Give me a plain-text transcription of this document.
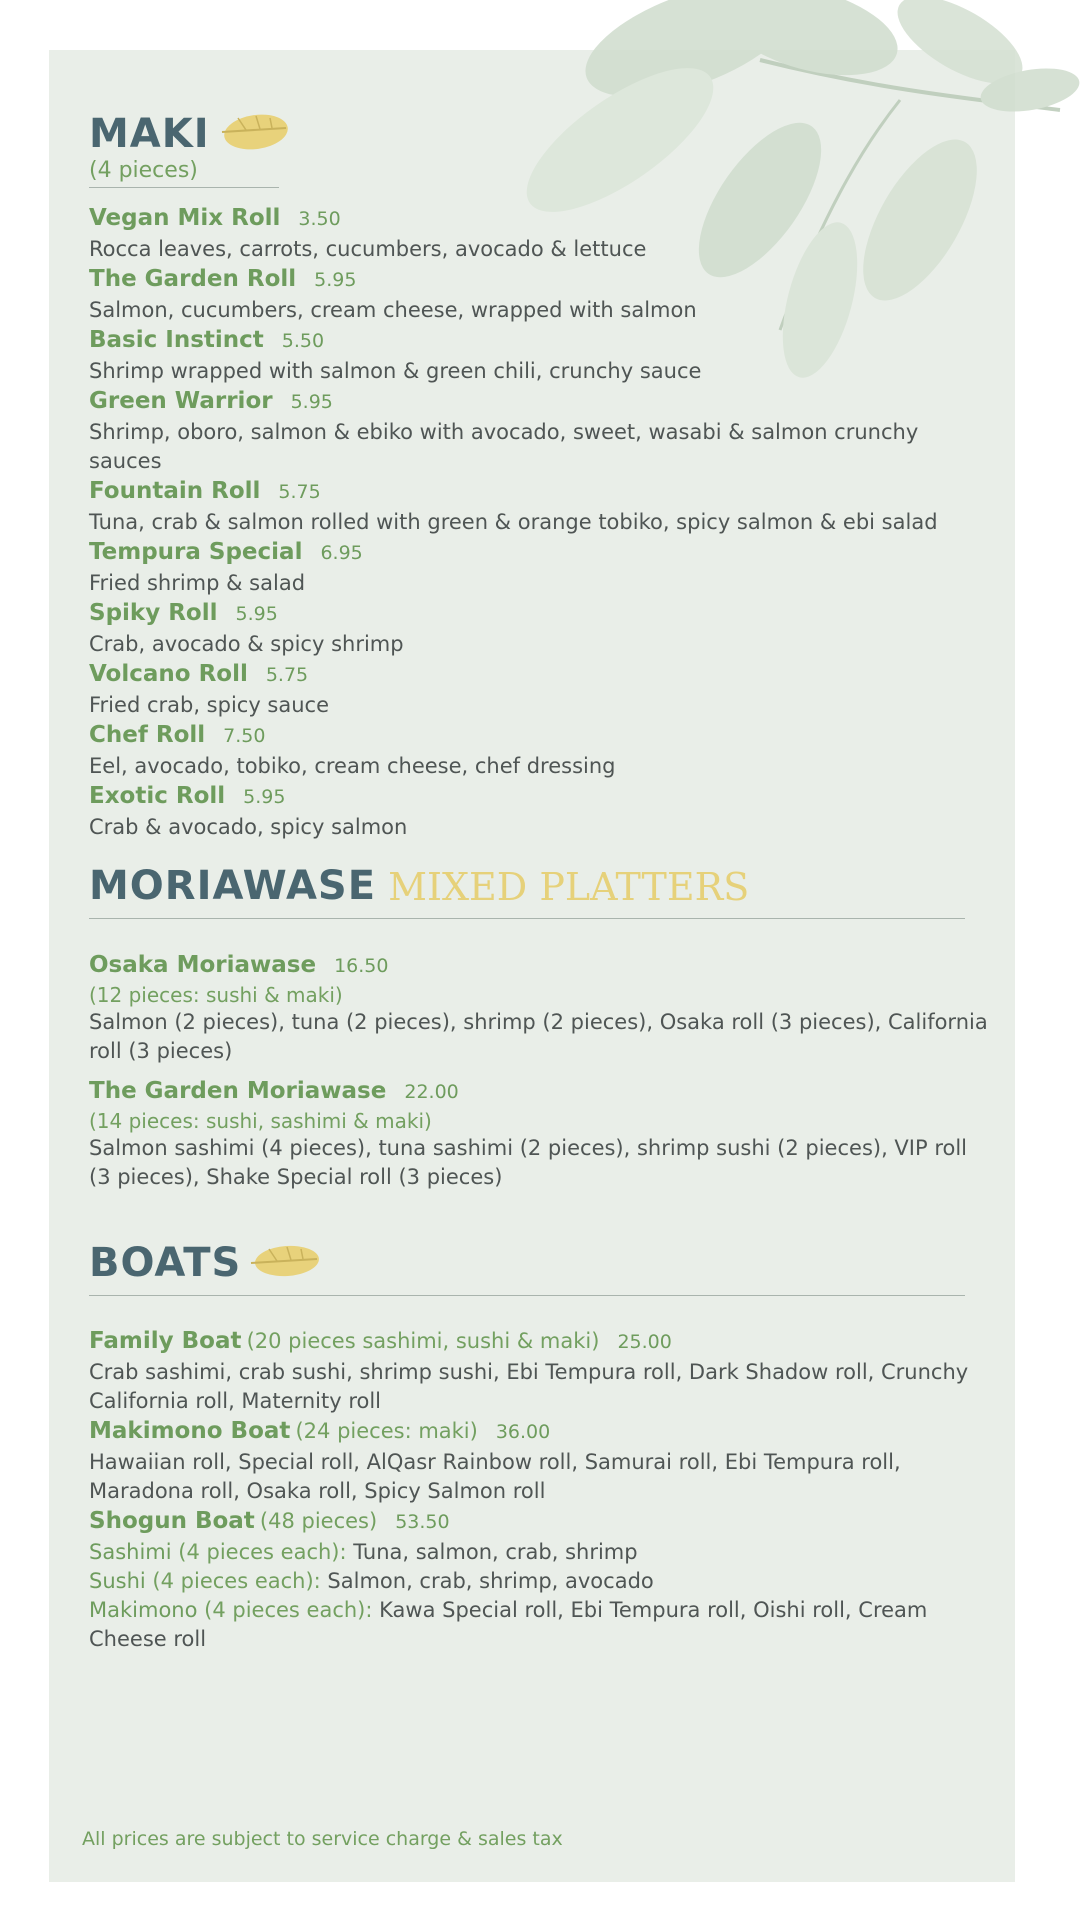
MAKI
(4 pieces)
Vegan Mix Roll 3.50
Rocca leaves, carrots, cucumbers, avocado & lettuce
The Garden Roll 5.95
Salmon, cucumbers, cream cheese, wrapped with salmon
Basic Instinct 5.50
Shrimp wrapped with salmon & green chili, crunchy sauce
Green Warrior 5.95
Shrimp, oboro, salmon & ebiko with avocado, sweet, wasabi & salmon crunchy sauces
Fountain Roll 5.75
Tuna, crab & salmon rolled with green & orange tobiko, spicy salmon & ebi salad
Tempura Special 6.95
Fried shrimp & salad
Spiky Roll 5.95
Crab, avocado & spicy shrimp
Volcano Roll 5.75
Fried crab, spicy sauce
Chef Roll 7.50
Eel, avocado, tobiko, cream cheese, chef dressing
Exotic Roll 5.95
Crab & avocado, spicy salmon
MORIAWASE MIXED PLATTERS
Osaka Moriawase 16.50
(12 pieces: sushi & maki)
Salmon (2 pieces), tuna (2 pieces), shrimp (2 pieces), Osaka roll (3 pieces), California roll (3 pieces)
The Garden Moriawase 22.00
(14 pieces: sushi, sashimi & maki)
Salmon sashimi (4 pieces), tuna sashimi (2 pieces), shrimp sushi (2 pieces), VIP roll (3 pieces), Shake Special roll (3 pieces)
BOATS
Family Boat (20 pieces sashimi, sushi & maki) 25.00
Crab sashimi, crab sushi, shrimp sushi, Ebi Tempura roll, Dark Shadow roll, Crunchy California roll, Maternity roll
Makimono Boat (24 pieces: maki) 36.00
Hawaiian roll, Special roll, AlQasr Rainbow roll, Samurai roll, Ebi Tempura roll, Maradona roll, Osaka roll, Spicy Salmon roll
Shogun Boat (48 pieces) 53.50
Sashimi (4 pieces each): Tuna, salmon, crab, shrimp
Sushi (4 pieces each): Salmon, crab, shrimp, avocado
Makimono (4 pieces each): Kawa Special roll, Ebi Tempura roll, Oishi roll, Cream Cheese roll
All prices are subject to service charge & sales tax
